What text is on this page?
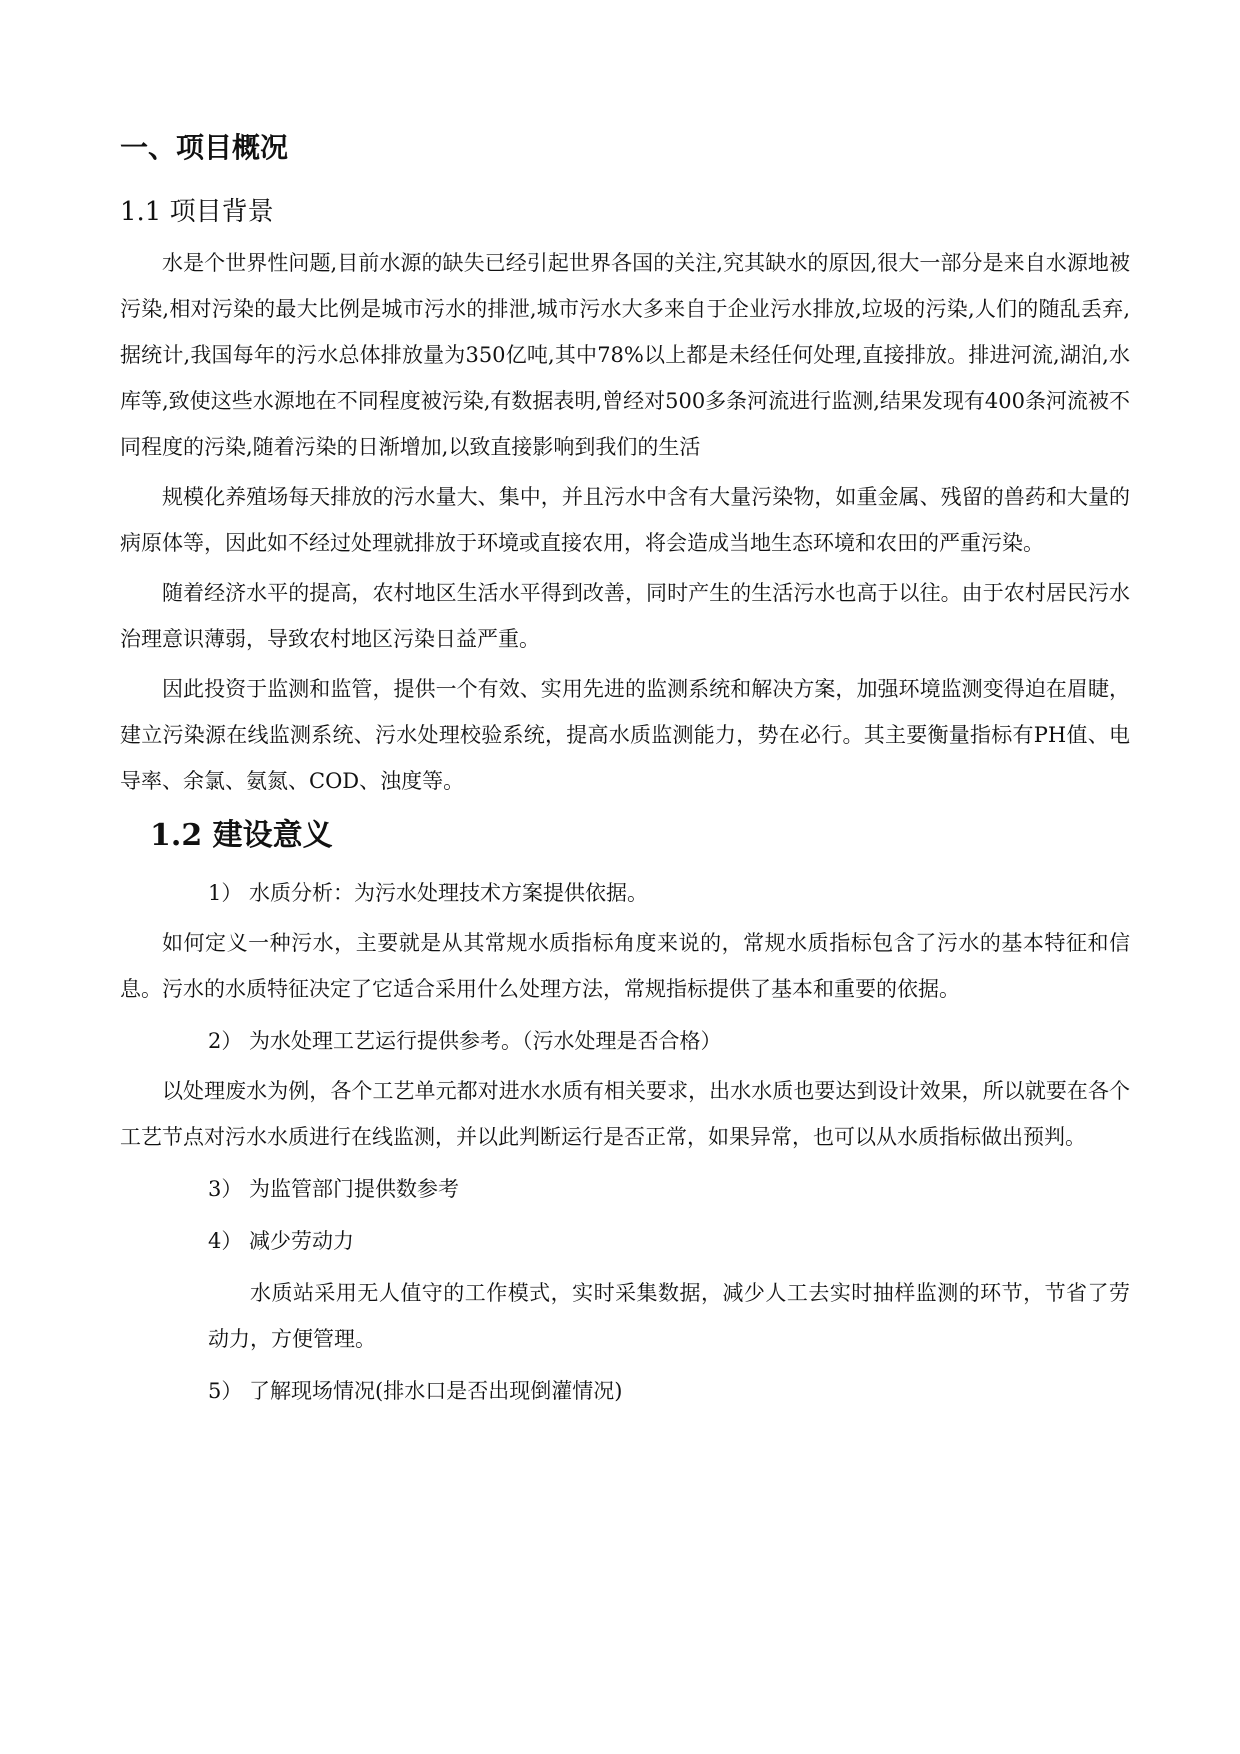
一、项目概况
1.1 项目背景

水是个世界性问题,目前水源的缺失已经引起世界各国的关注,究其缺水的原因,很大一部分是来自水源地被污染,相对污染的最大比例是城市污水的排泄,城市污水大多来自于企业污水排放,垃圾的污染,人们的随乱丢弃,据统计,我国每年的污水总体排放量为350亿吨,其中78%以上都是未经任何处理,直接排放。排进河流,湖泊,水库等,致使这些水源地在不同程度被污染,有数据表明,曾经对500多条河流进行监测,结果发现有400条河流被不同程度的污染,随着污染的日渐增加,以致直接影响到我们的生活

规模化养殖场每天排放的污水量大、集中，并且污水中含有大量污染物，如重金属、残留的兽药和大量的病原体等，因此如不经过处理就排放于环境或直接农用，将会造成当地生态环境和农田的严重污染。

随着经济水平的提高，农村地区生活水平得到改善，同时产生的生活污水也高于以往。由于农村居民污水治理意识薄弱，导致农村地区污染日益严重。

因此投资于监测和监管，提供一个有效、实用先进的监测系统和解决方案，加强环境监测变得迫在眉睫，建立污染源在线监测系统、污水处理校验系统，提高水质监测能力，势在必行。其主要衡量指标有PH值、电导率、余氯、氨氮、COD、浊度等。

1.2 建设意义
1） 水质分析：为污水处理技术方案提供依据。

如何定义一种污水，主要就是从其常规水质指标角度来说的，常规水质指标包含了污水的基本特征和信息。污水的水质特征决定了它适合采用什么处理方法，常规指标提供了基本和重要的依据。

2） 为水处理工艺运行提供参考。（污水处理是否合格）

以处理废水为例，各个工艺单元都对进水水质有相关要求，出水水质也要达到设计效果，所以就要在各个工艺节点对污水水质进行在线监测，并以此判断运行是否正常，如果异常，也可以从水质指标做出预判。

3） 为监管部门提供数参考
4） 减少劳动力

水质站采用无人值守的工作模式，实时采集数据，减少人工去实时抽样监测的环节，节省了劳动力，方便管理。

5） 了解现场情况(排水口是否出现倒灌情况)
